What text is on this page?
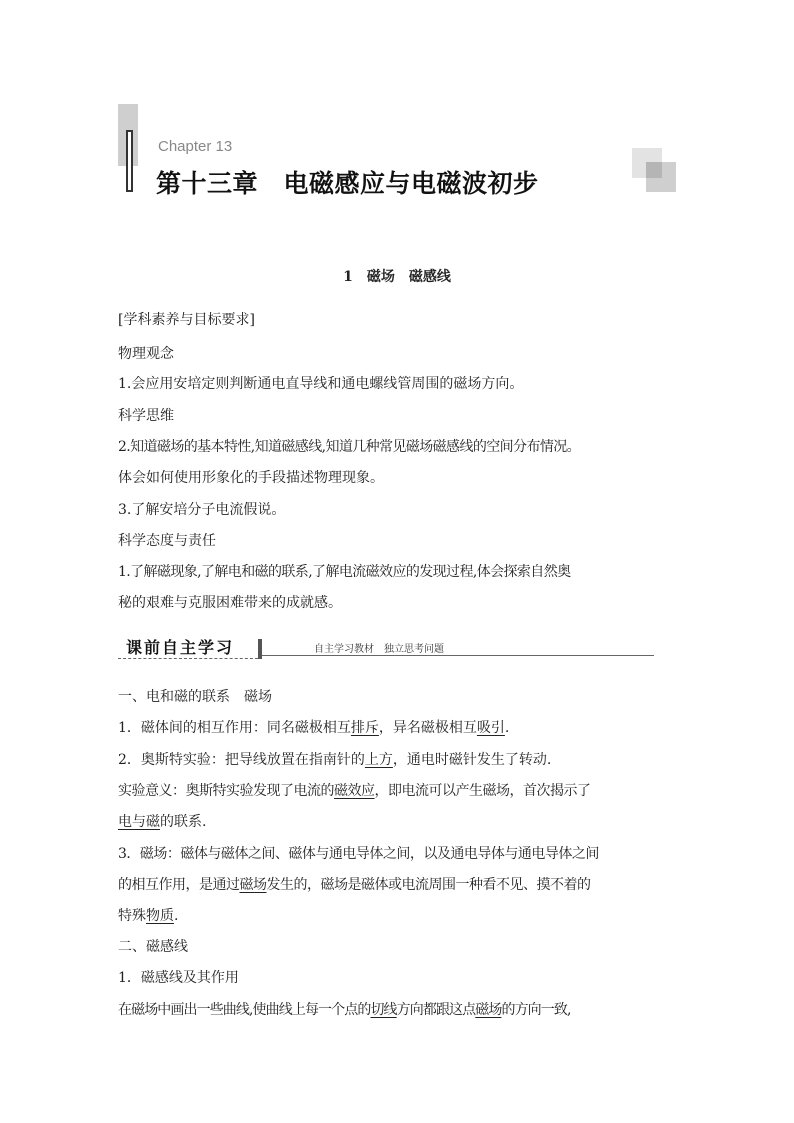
Chapter 13
第十三章　电磁感应与电磁波初步
1　磁场　磁感线
[学科素养与目标要求]
物理观念
1.会应用安培定则判断通电直导线和通电螺线管周围的磁场方向。
科学思维
2.知道磁场的基本特性,知道磁感线,知道几种常见磁场磁感线的空间分布情况。
体会如何使用形象化的手段描述物理现象。
3.了解安培分子电流假说。
科学态度与责任
1.了解磁现象,了解电和磁的联系,了解电流磁效应的发现过程,体会探索自然奥
秘的艰难与克服困难带来的成就感。
课前自主学习	自主学习教材　独立思考问题
一、电和磁的联系　磁场
1．磁体间的相互作用：同名磁极相互排斥，异名磁极相互吸引.
2．奥斯特实验：把导线放置在指南针的上方，通电时磁针发生了转动.
实验意义：奥斯特实验发现了电流的磁效应，即电流可以产生磁场，首次揭示了
电与磁的联系.
3．磁场：磁体与磁体之间、磁体与通电导体之间，以及通电导体与通电导体之间
的相互作用，是通过磁场发生的，磁场是磁体或电流周围一种看不见、摸不着的
特殊物质.
二、磁感线
1．磁感线及其作用
在磁场中画出一些曲线,使曲线上每一个点的切线方向都跟这点磁场的方向一致,
